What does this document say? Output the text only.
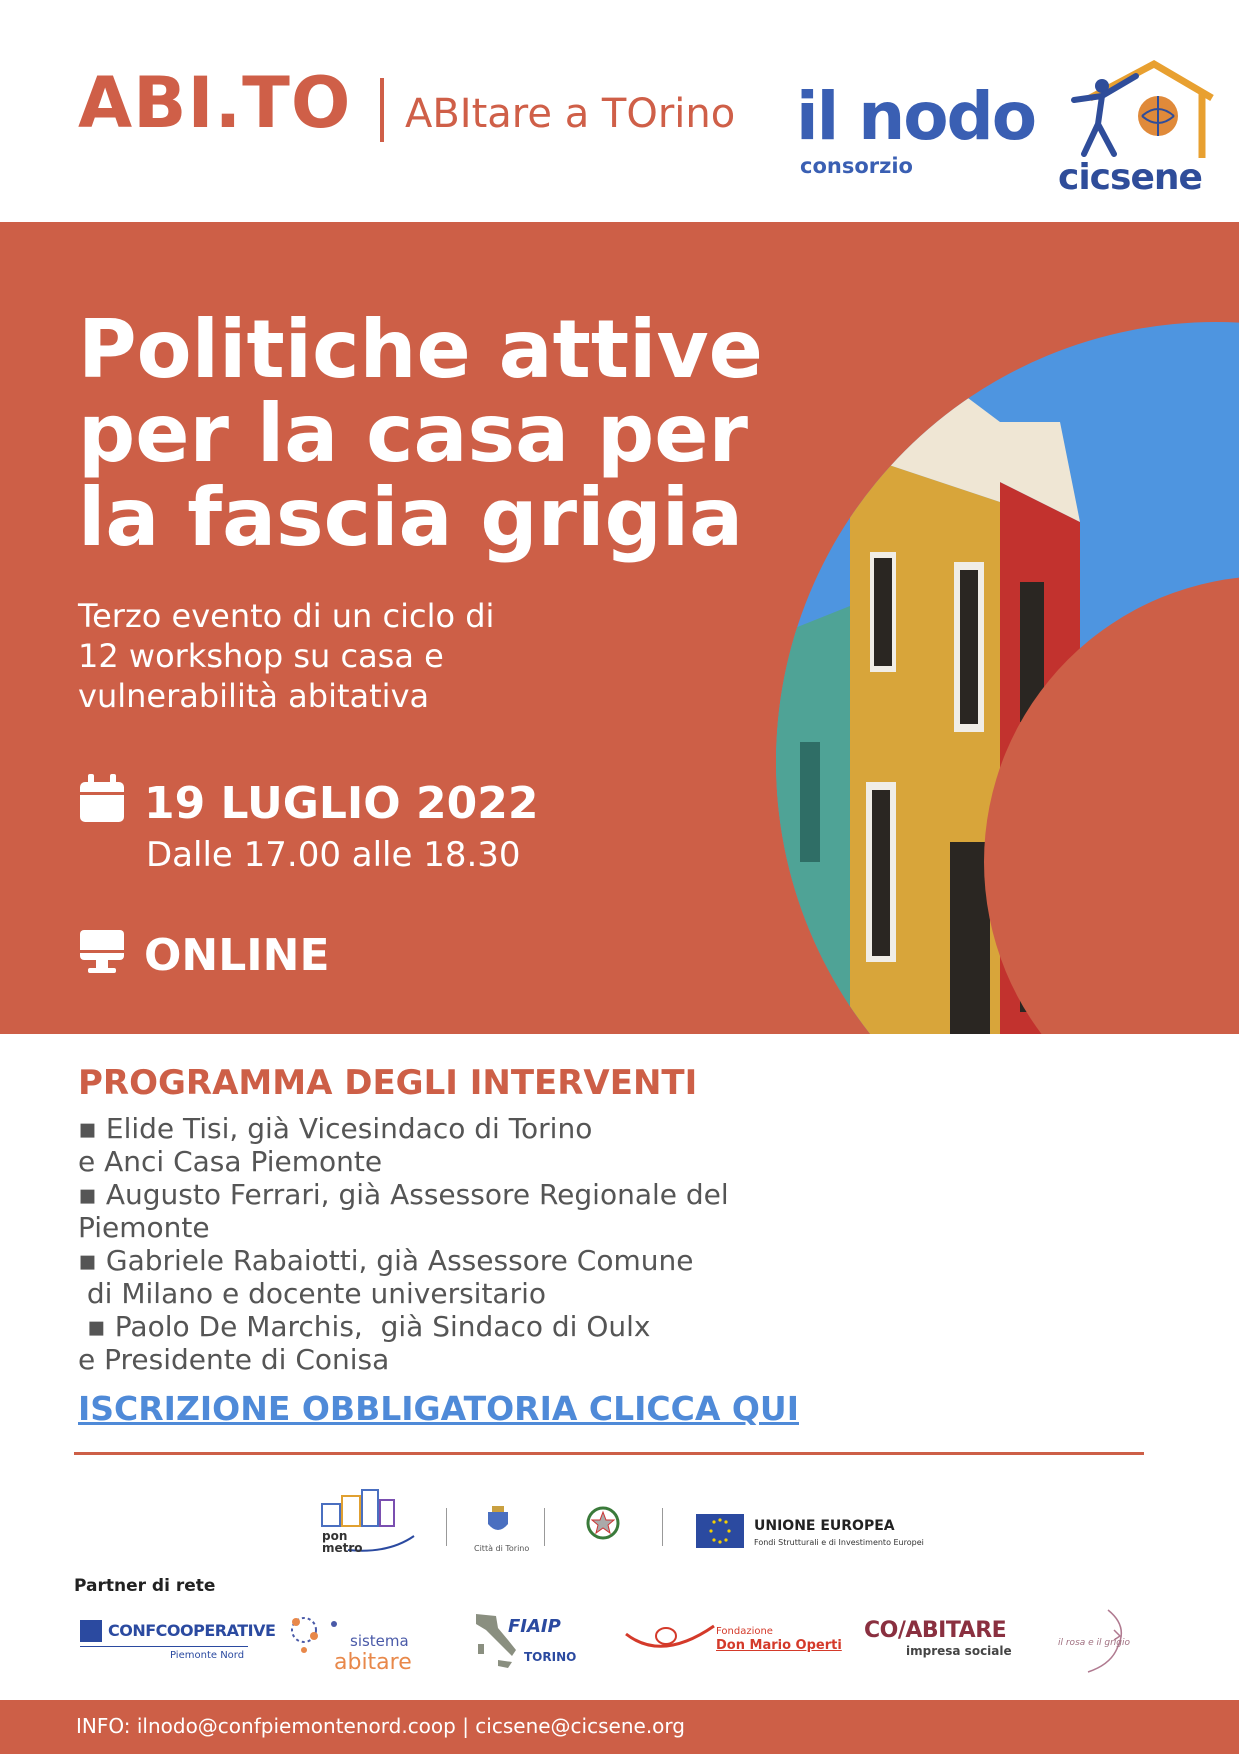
ABI.TO ABItare a TOrino il nodo
consorzio	cicsene
Politiche attive per la casa per la fascia grigia
Terzo evento di un ciclo di 12 workshop su casa e vulnerabilità abitativa
19 LUGLIO 2022
Dalle 17.00 alle 18.30
ONLINE
PROGRAMMA DEGLI INTERVENTI
▪ Elide Tisi, già Vicesindaco di Torino
e Anci Casa Piemonte
▪ Augusto Ferrari, già Assessore Regionale del
Piemonte
▪ Gabriele Rabaiotti, già Assessore Comune
di Milano e docente universitario
▪ Paolo De Marchis,  già Sindaco di Oulx
e Presidente di Conisa
ISCRIZIONE OBBLIGATORIA CLICCA QUI
pon metro	Città di Torino
UNIONE EUROPEA
Fondi Strutturali e di Investimento Europei
Partner di rete
CONFCOOPERATIVE
Piemonte Nord
sistema
abitare
FIAIP
TORINO
Fondazione
Don Mario Operti
CO/ABITARE
impresa sociale
il rosa e il grigio
INFO: ilnodo@confpiemontenord.coop | cicsene@cicsene.org
